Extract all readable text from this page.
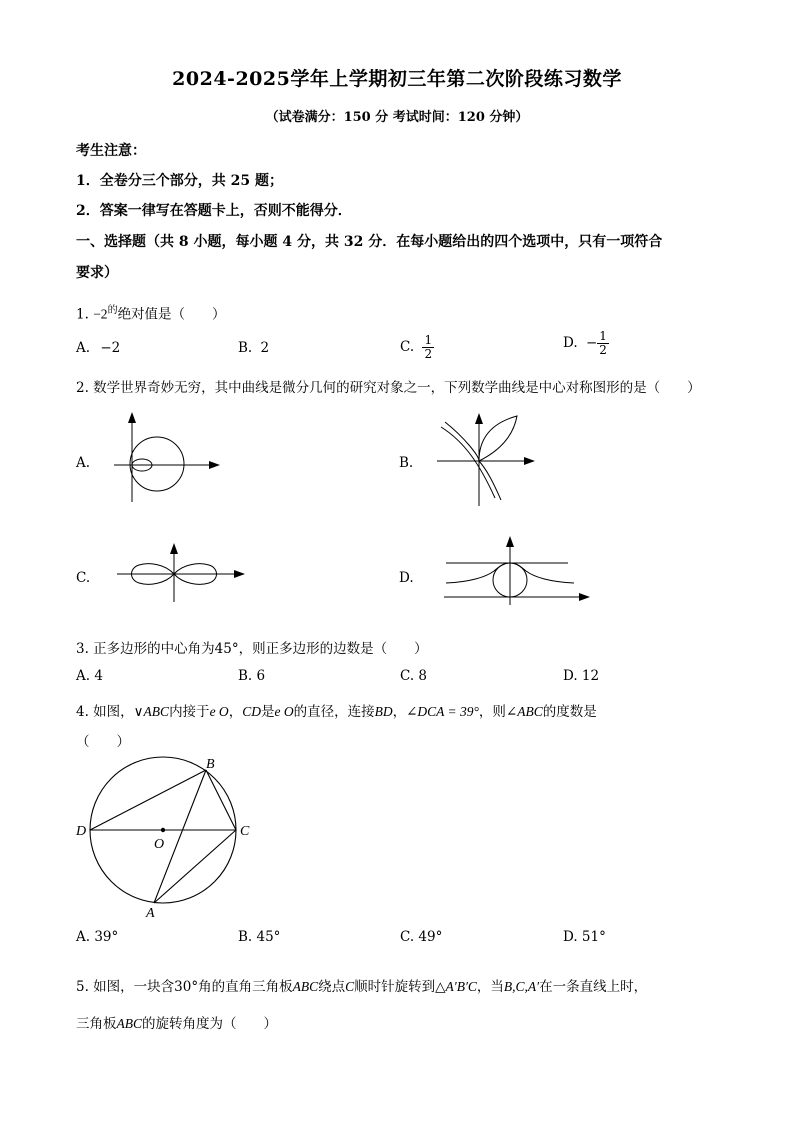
2024-2025学年上学期初三年第二次阶段练习数学
（试卷满分：150 分 考试时间：120 分钟）
考生注意：
1．全卷分三个部分，共 25 题；
2．答案一律写在答题卡上，否则不能得分．
一、选择题（共 8 小题，每小题 4 分，共 32 分．在每小题给出的四个选项中，只有一项符合
要求）
1. $-2^的$绝对值是（　　）
A. −2	B. 2	C. $\frac{1}{2}$	D. − $\frac{1}{2}$
2. 数学世界奇妙无穷，其中曲线是微分几何的研究对象之一，下列数学曲线是中心对称图形的是（　　）
A.	B.
C.	D.
3. 正多边形的中心角为45°，则正多边形的边数是（　　）
A. 4	B. 6	C. 8	D. 12
4. 如图，∨ABC内接于e O，CD是e O的直径，连接BD，∠DCA = 39°，则∠ABC的度数是
（　　）
B
D
O
C
A
A. 39°	B. 45°	C. 49°	D. 51°
5. 如图，一块含30°角的直角三角板ABC绕点C顺时针旋转到△A′B′C，当B,C,A′在一条直线上时，
三角板ABC的旋转角度为（　　）
